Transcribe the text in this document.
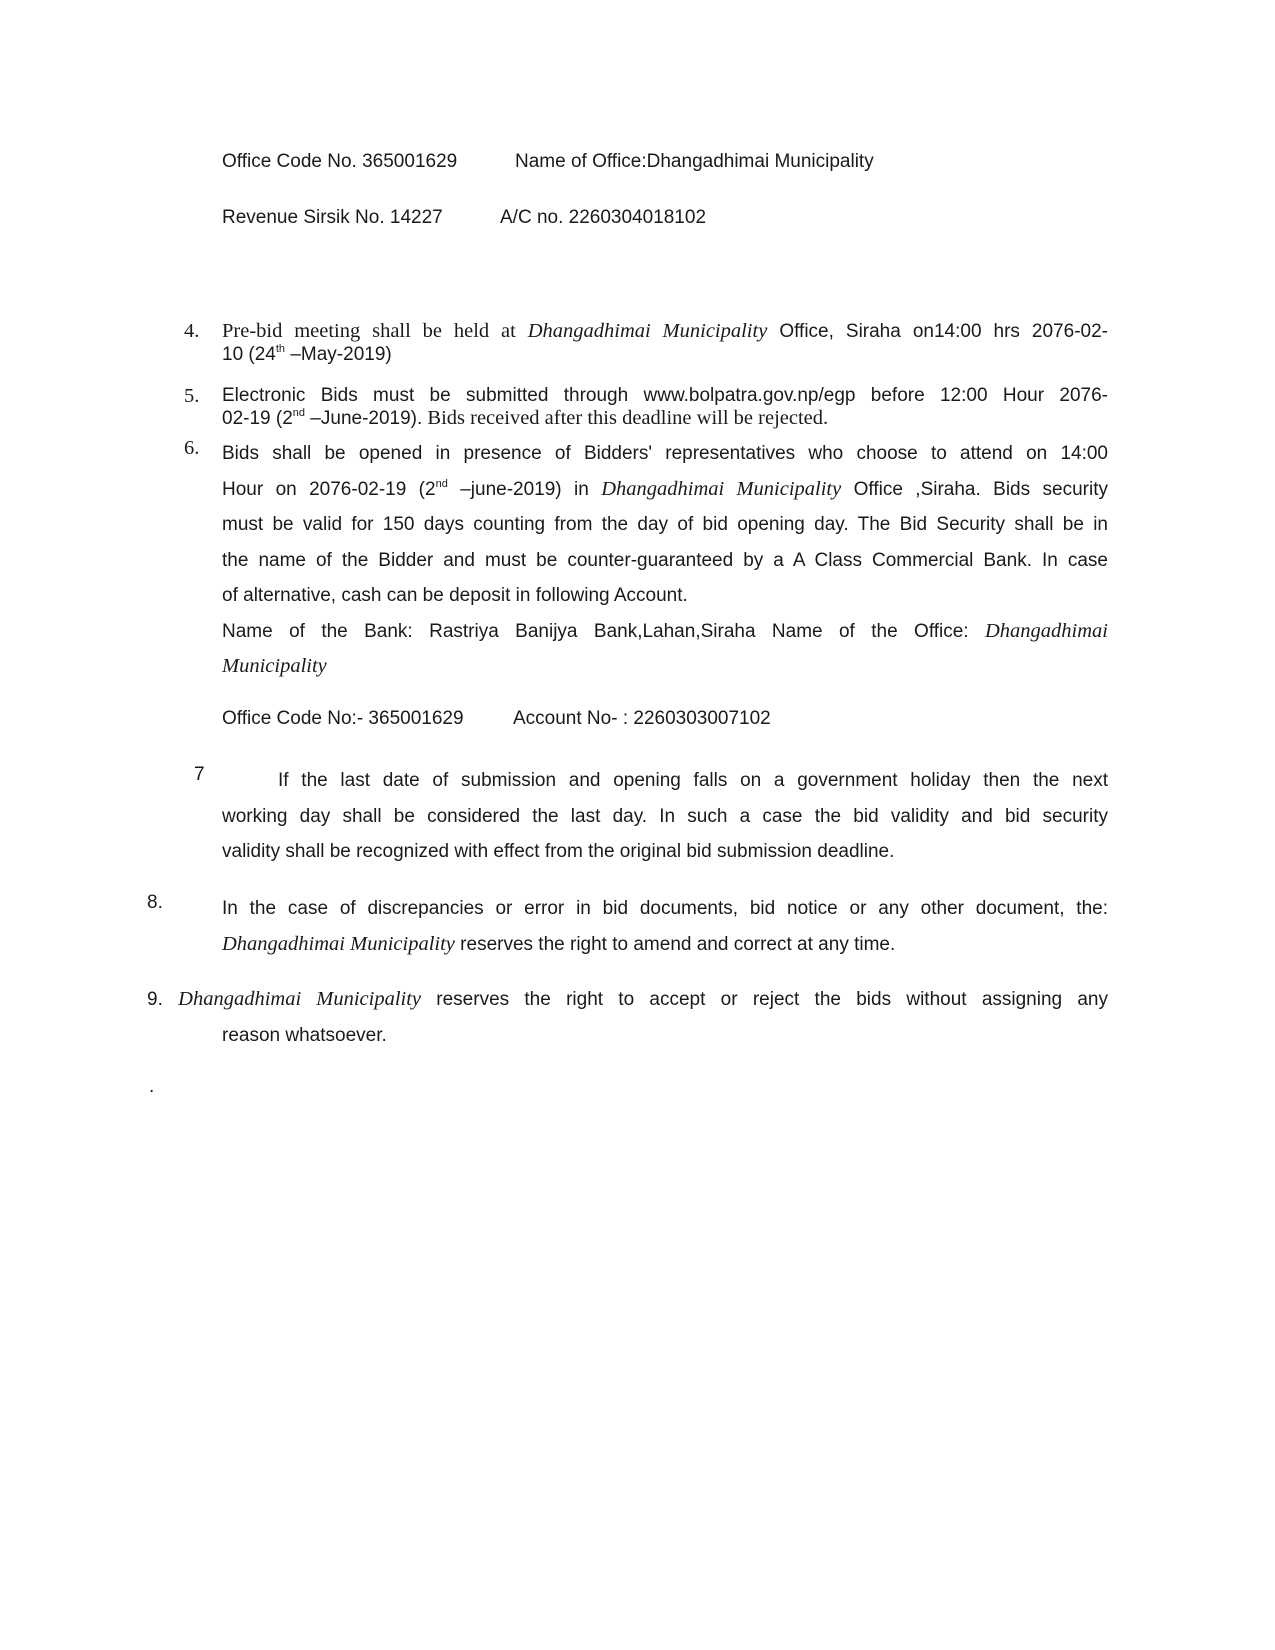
Office Code No. 365001629	Name of Office:Dhangadhimai Municipality
Revenue Sirsik No. 14227	A/C no. 2260304018102
4. Pre-bid meeting shall be held at Dhangadhimai Municipality Office, Siraha on14:00 hrs 2076-02-
10 (24th –May-2019)
5. Electronic Bids must be submitted through www.bolpatra.gov.np/egp before 12:00 Hour 2076-
02-19 (2nd –June-2019). Bids received after this deadline will be rejected.
6. Bids shall be opened in presence of Bidders' representatives who choose to attend on 14:00
Hour on 2076-02-19 (2nd –june-2019) in Dhangadhimai Municipality Office ,Siraha. Bids security
must be valid for 150 days counting from the day of bid opening day. The Bid Security shall be in
the name of the Bidder and must be counter-guaranteed by a A Class Commercial Bank. In case
of alternative, cash can be deposit in following Account.
Name of the Bank: Rastriya Banijya Bank,Lahan,Siraha Name of the Office: Dhangadhimai
Municipality
Office Code No:- 365001629	Account No- : 2260303007102
7	If the last date of submission and opening falls on a government holiday then the next
working day shall be considered the last day. In such a case the bid validity and bid security
validity shall be recognized with effect from the original bid submission deadline.
8.	In the case of discrepancies or error in bid documents, bid notice or any other document, the:
Dhangadhimai Municipality reserves the right to amend and correct at any time.
9. Dhangadhimai Municipality reserves the right to accept or reject the bids without assigning any
reason whatsoever.
.
